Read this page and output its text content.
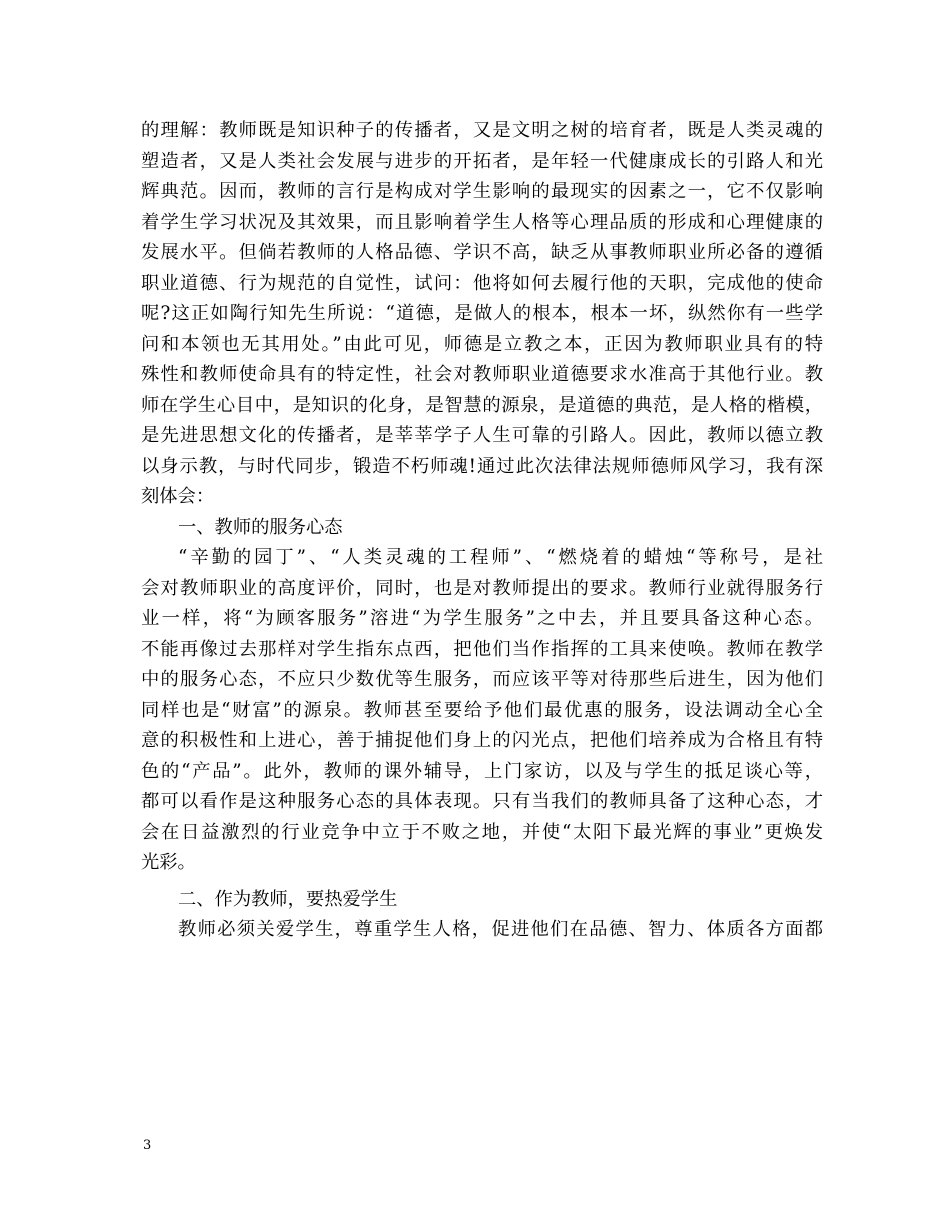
的理解：教师既是知识种子的传播者，又是文明之树的培育者，既是人类灵魂的
塑造者，又是人类社会发展与进步的开拓者，是年轻一代健康成长的引路人和光
辉典范。因而，教师的言行是构成对学生影响的最现实的因素之一，它不仅影响
着学生学习状况及其效果，而且影响着学生人格等心理品质的形成和心理健康的
发展水平。但倘若教师的人格品德、学识不高，缺乏从事教师职业所必备的遵循
职业道德、行为规范的自觉性，试问：他将如何去履行他的天职，完成他的使命
呢?这正如陶行知先生所说：“道德，是做人的根本，根本一坏，纵然你有一些学
问和本领也无其用处。”由此可见，师德是立教之本，正因为教师职业具有的特
殊性和教师使命具有的特定性，社会对教师职业道德要求水准高于其他行业。教
师在学生心目中，是知识的化身，是智慧的源泉，是道德的典范，是人格的楷模，
是先进思想文化的传播者，是莘莘学子人生可靠的引路人。因此，教师以德立教
以身示教，与时代同步，锻造不朽师魂!通过此次法律法规师德师风学习，我有深
刻体会：
一、教师的服务心态
“辛勤的园丁”、“人类灵魂的工程师”、“燃烧着的蜡烛“等称号，是社
会对教师职业的高度评价，同时，也是对教师提出的要求。教师行业就得服务行
业一样，将“为顾客服务”溶进“为学生服务”之中去，并且要具备这种心态。
不能再像过去那样对学生指东点西，把他们当作指挥的工具来使唤。教师在教学
中的服务心态，不应只少数优等生服务，而应该平等对待那些后进生，因为他们
同样也是“财富”的源泉。教师甚至要给予他们最优惠的服务，设法调动全心全
意的积极性和上进心，善于捕捉他们身上的闪光点，把他们培养成为合格且有特
色的“产品”。此外，教师的课外辅导，上门家访，以及与学生的抵足谈心等，
都可以看作是这种服务心态的具体表现。只有当我们的教师具备了这种心态，才
会在日益激烈的行业竞争中立于不败之地，并使“太阳下最光辉的事业”更焕发
光彩。
二、作为教师，要热爱学生
教师必须关爱学生，尊重学生人格，促进他们在品德、智力、体质各方面都
3
